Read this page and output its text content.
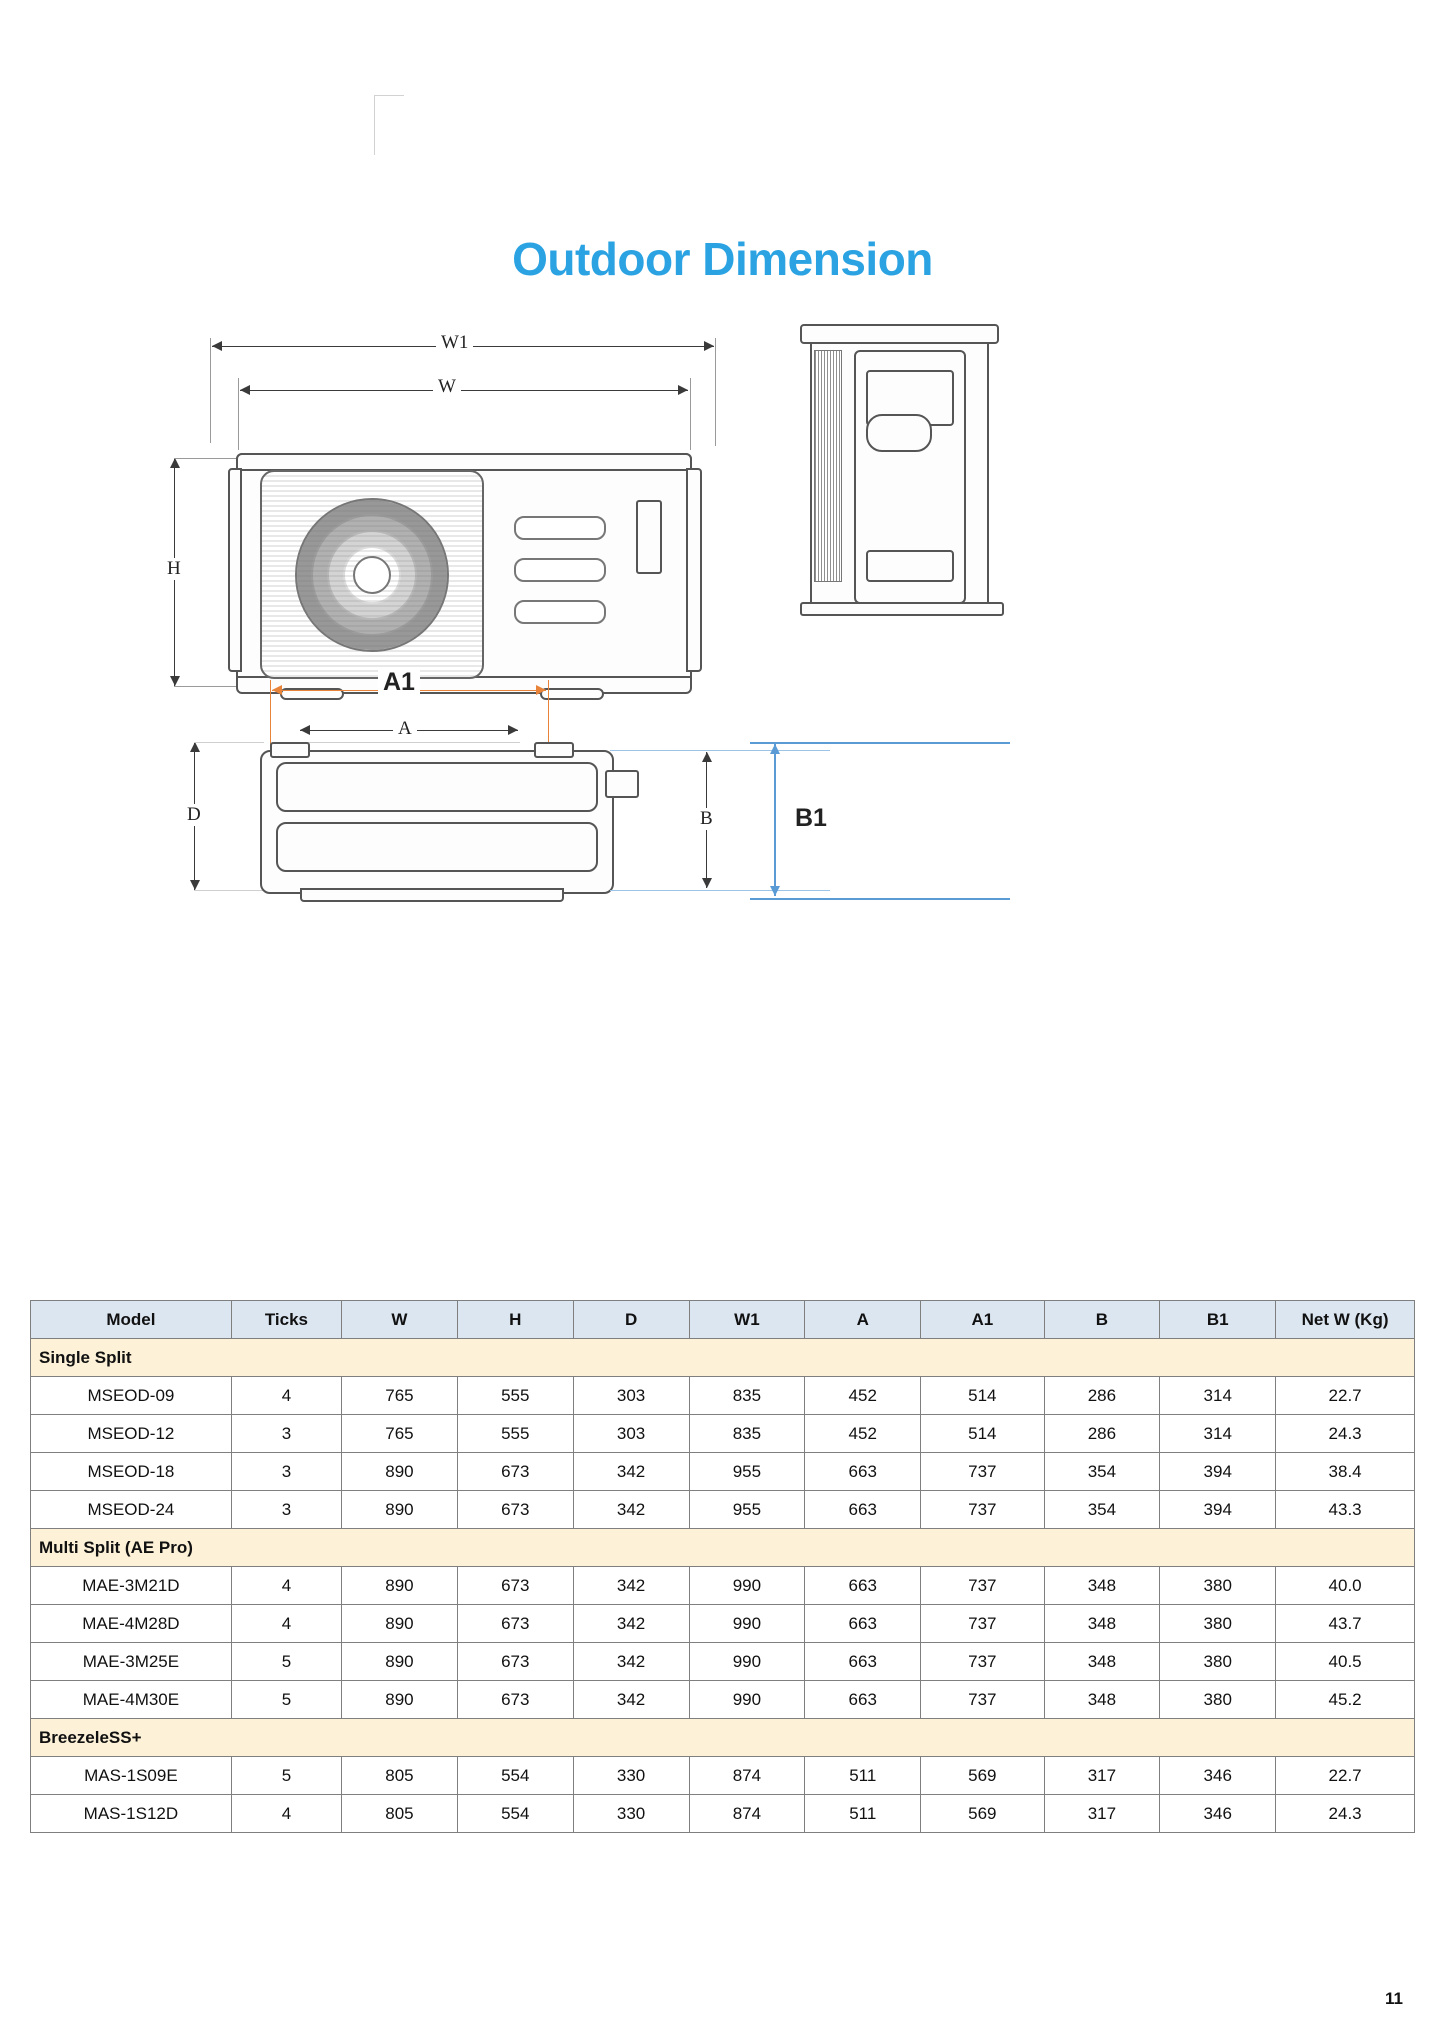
Outdoor Dimension
W1
W
H
A1
A
D	B	B1
Model	Ticks	W	H	D	W1	A	A1	B	B1	Net W (Kg)
Single Split										
MSEOD-09	4	765	555	303	835	452	514	286	314	22.7
MSEOD-12	3	765	555	303	835	452	514	286	314	24.3
MSEOD-18	3	890	673	342	955	663	737	354	394	38.4
MSEOD-24	3	890	673	342	955	663	737	354	394	43.3
Multi Split (AE Pro)										
MAE-3M21D	4	890	673	342	990	663	737	348	380	40.0
MAE-4M28D	4	890	673	342	990	663	737	348	380	43.7
MAE-3M25E	5	890	673	342	990	663	737	348	380	40.5
MAE-4M30E	5	890	673	342	990	663	737	348	380	45.2
BreezeleSS+										
MAS-1S09E	5	805	554	330	874	511	569	317	346	22.7
MAS-1S12D	4	805	554	330	874	511	569	317	346	24.3
11
